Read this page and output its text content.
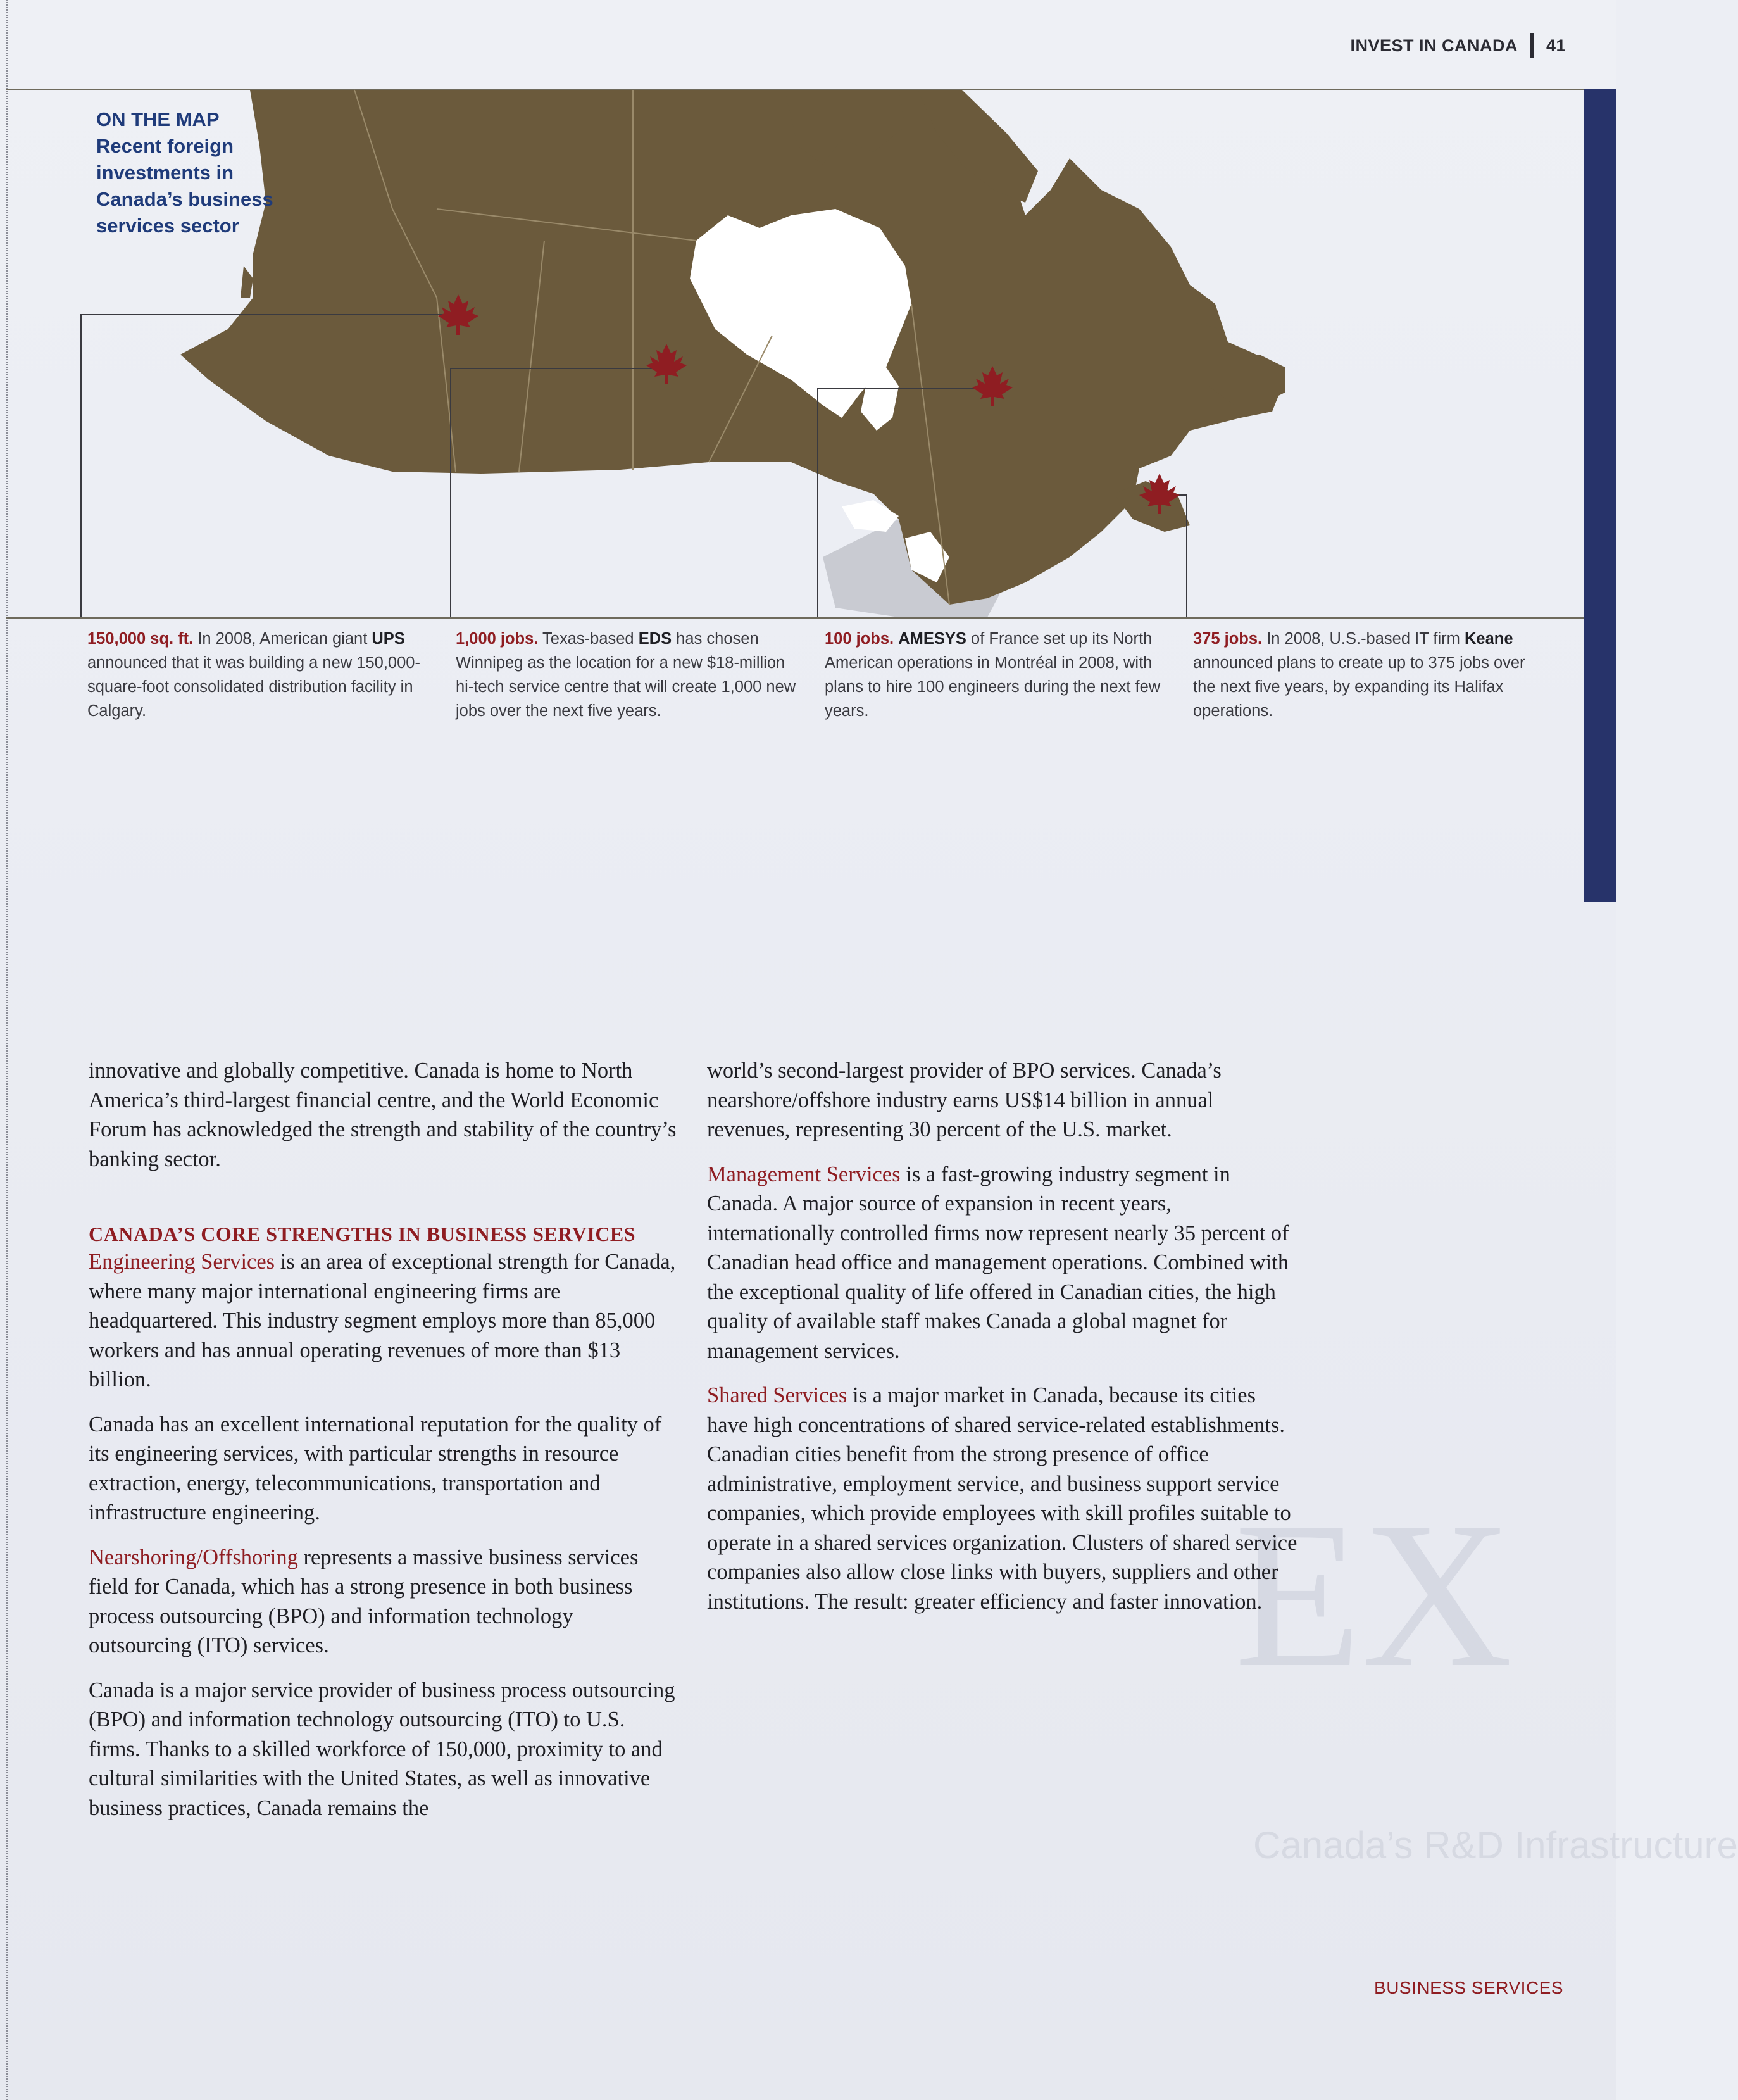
EX
Canada’s R&D Infrastructure
INVEST IN CANADA 41
ON THE MAP
Recent foreign investments in Canada’s business services sector
150,000 sq. ft. In 2008, American giant UPS announced that it was building a new 150,000-square-foot consolidated distribution facility in Calgary.
1,000 jobs. Texas-based EDS has chosen Winnipeg as the location for a new $18-million hi-tech service centre that will create 1,000 new jobs over the next five years.
100 jobs. AMESYS of France set up its North American operations in Montréal in 2008, with plans to hire 100 engineers during the next few years.
375 jobs. In 2008, U.S.-based IT firm Keane announced plans to create up to 375 jobs over the next five years, by expanding its Halifax operations.

innovative and globally competitive. Canada is home to North America’s third-largest financial centre, and the World Economic Forum has acknowledged the strength and stability of the country’s banking sector.

CANADA’S CORE STRENGTHS IN BUSINESS SERVICES

Engineering Services is an area of exceptional strength for Canada, where many major international engineering firms are headquartered. This industry segment employs more than 85,000 workers and has annual operating revenues of more than $13 billion.

Canada has an excellent international reputation for the quality of its engineering services, with particular strengths in resource extraction, energy, telecommunications, transportation and infrastructure engineering.

Nearshoring/Offshoring represents a massive business services field for Canada, which has a strong presence in both business process outsourcing (BPO) and information technology outsourcing (ITO) services.

Canada is a major service provider of business process outsourcing (BPO) and information technology outsourcing (ITO) to U.S. firms. Thanks to a skilled workforce of 150,000, proximity to and cultural similarities with the United States, as well as innovative business practices, Canada remains the

world’s second-largest provider of BPO services. Canada’s nearshore/offshore industry earns US$14 billion in annual revenues, representing 30 percent of the U.S. market.

Management Services is a fast-growing industry segment in Canada. A major source of expansion in recent years, internationally controlled firms now represent nearly 35 percent of Canadian head office and management operations. Combined with the exceptional quality of life offered in Canadian cities, the high quality of available staff makes Canada a global magnet for management services.

Shared Services is a major market in Canada, because its cities have high concentrations of shared service-related establishments. Canadian cities benefit from the strong presence of office administrative, employment service, and business support service companies, which provide employees with skill profiles suitable to operate in a shared services organization. Clusters of shared service companies also allow close links with buyers, suppliers and other institutions. The result: greater efficiency and faster innovation.

BUSINESS SERVICES
